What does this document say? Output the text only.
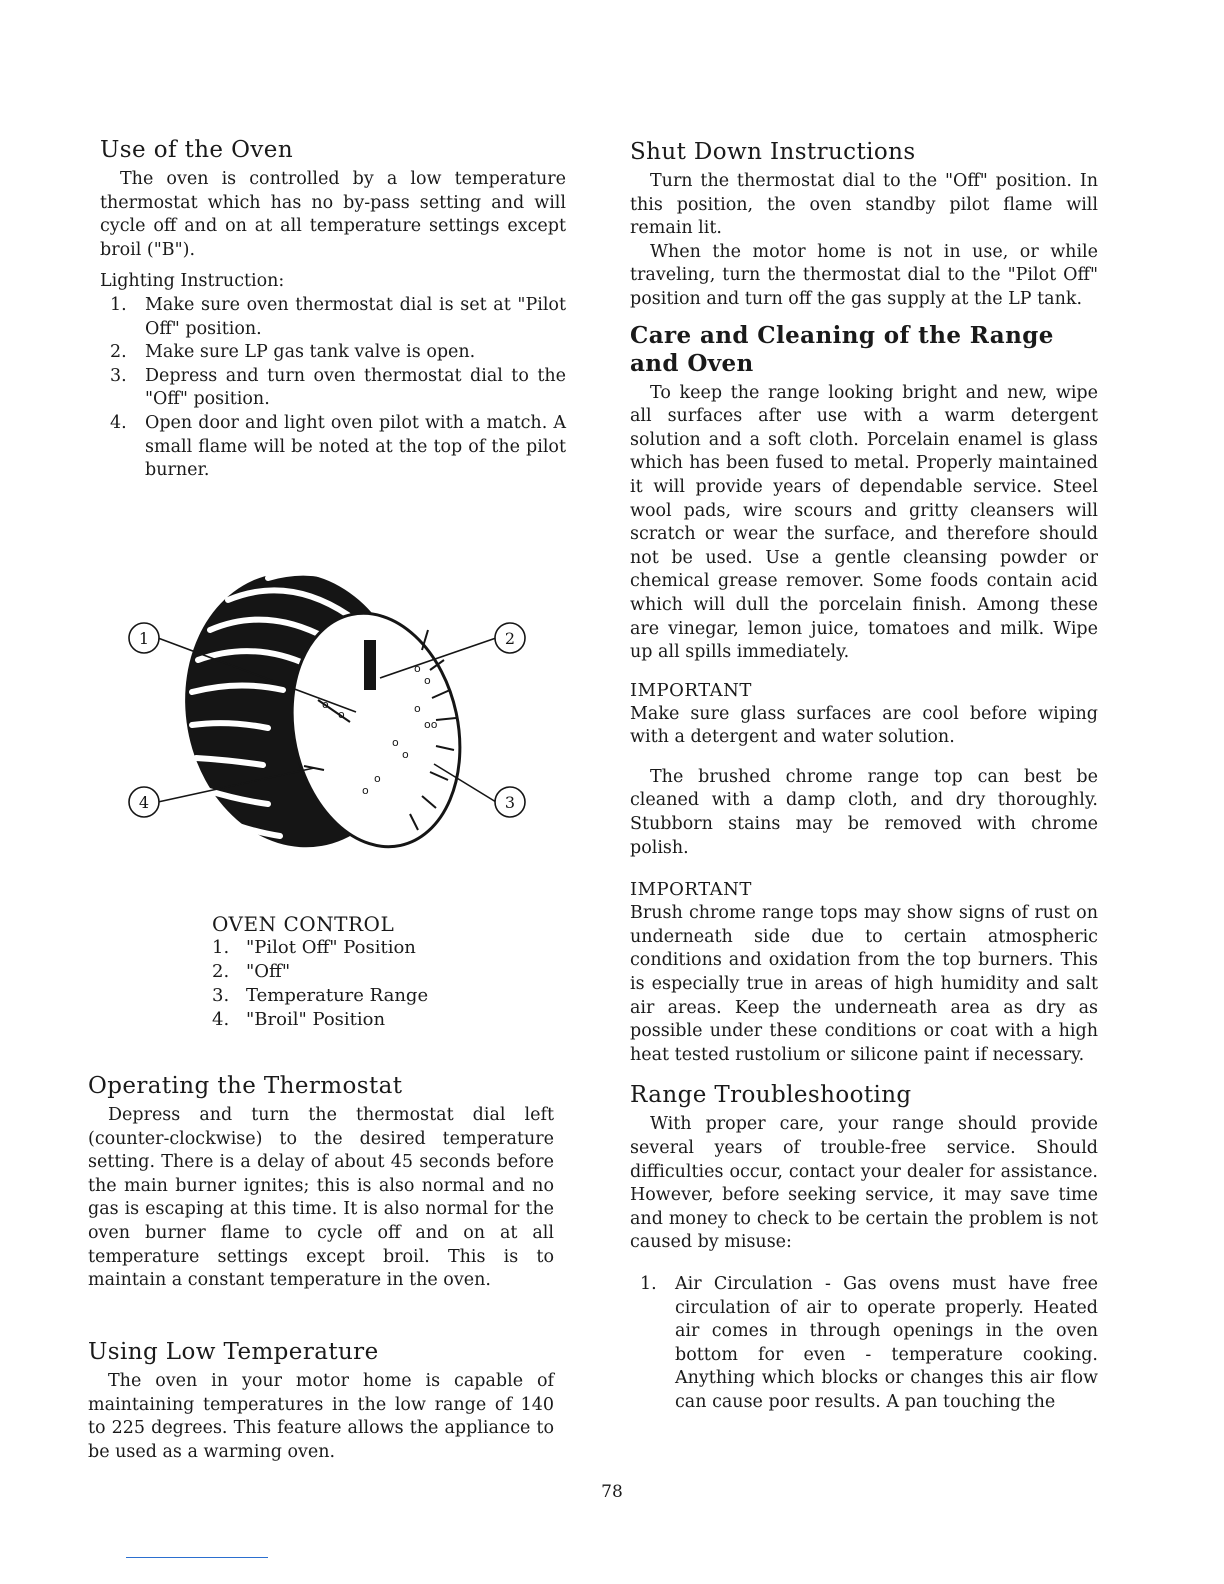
Use of the Oven

The oven is controlled by a low temperature thermostat which has no by-pass setting and will cycle off and on at all temperature settings except broil ("B").

Lighting Instruction:
1. Make sure oven thermostat dial is set at "Pilot Off" position.
2. Make sure LP gas tank valve is open.
3. Depress and turn oven thermostat dial to the "Off" position.
4. Open door and light oven pilot with a match. A small flame will be noted at the top of the pilot burner.
o
o
o
oo
o
o
o
o
o
o
1	2
3
4
OVEN CONTROL
1. "Pilot Off" Position
2. "Off"
3. Temperature Range
4. "Broil" Position
Operating the Thermostat

Depress and turn the thermostat dial left (counter-clockwise) to the desired temperature setting. There is a delay of about 45 seconds before the main burner ignites; this is also normal and no gas is escaping at this time. It is also normal for the oven burner flame to cycle off and on at all temperature settings except broil. This is to maintain a constant temperature in the oven.

Using Low Temperature

The oven in your motor home is capable of maintaining temperatures in the low range of 140 to 225 degrees. This feature allows the appliance to be used as a warming oven.

Shut Down Instructions

Turn the thermostat dial to the "Off" position. In this position, the oven standby pilot flame will remain lit.

When the motor home is not in use, or while traveling, turn the thermostat dial to the "Pilot Off" position and turn off the gas supply at the LP tank.

Care and Cleaning of the Range and Oven

To keep the range looking bright and new, wipe all surfaces after use with a warm detergent solution and a soft cloth. Porcelain enamel is glass which has been fused to metal. Properly maintained it will provide years of dependable service. Steel wool pads, wire scours and gritty cleansers will scratch or wear the surface, and therefore should not be used. Use a gentle cleansing powder or chemical grease remover. Some foods contain acid which will dull the porcelain finish. Among these are vinegar, lemon juice, tomatoes and milk. Wipe up all spills immediately.

IMPORTANT

Make sure glass surfaces are cool before wiping with a detergent and water solution.

The brushed chrome range top can best be cleaned with a damp cloth, and dry thoroughly. Stubborn stains may be removed with chrome polish.

IMPORTANT

Brush chrome range tops may show signs of rust on underneath side due to certain atmospheric conditions and oxidation from the top burners. This is especially true in areas of high humidity and salt air areas. Keep the underneath area as dry as possible under these conditions or coat with a high heat tested rustolium or silicone paint if necessary.

Range Troubleshooting

With proper care, your range should provide several years of trouble-free service. Should difficulties occur, contact your dealer for assistance. However, before seeking service, it may save time and money to check to be certain the problem is not caused by misuse:

1. Air Circulation - Gas ovens must have free circulation of air to operate properly. Heated air comes in through openings in the oven bottom for even - temperature cooking. Anything which blocks or changes this air flow can cause poor results. A pan touching the
78
